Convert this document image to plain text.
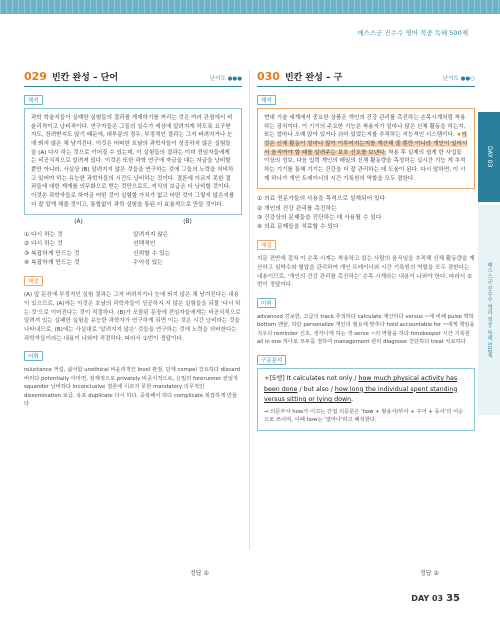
매스스군 진수수 영어 적중 독해 500제
DAY 03
매스스군 진수수 영어 적중 독해 500제
029 빈칸 완성 – 단어	난이도 ●●●
해석
과학 학술지들이 실패한 실험들의 결과를 게재하기를 꺼리는 것은 여러 관점에서 비윤리적이고 낭비적이다. 연구자들은 그들의 실수가 세상에 알려지게 하도록 요구받지도, 장려받지도 않기 때문에, 대부분의 경우, 부정적인 결과는 그저 버려지거나 눈에 띄지 않은 채 남겨진다. 이것은 어떠한 호날의 과학자들이 성공하지 않은 실험들을 (A) 다시 하는 것으로 이어질 수 있는데, 이 실험들의 결과는 이미 전임자들에게는 비공식적으로 알려져 있다. 이것은 또한 과학 연구에 자금을 대는 자금을 낭비할 뿐만 아니라, 사실상 (B) 알려지지 않은 것들을 연구하는 것에 그들의 노력을 허비하고 있어야 하는 유능한 과학자들의 시간도 낭비하는 것이다. 결론에 이르지 못한 결과들에 대한 게재를 의무화으로 받는 것만으로도, 지식의 보급은 더 낭비할 것이다. 이것은 과학자들로 하여금 어떤 것이 실험할 가치가 없고 어떤 것이 그렇지 않은지를 더 잘 알게 해줄 것이고, 통합없이 과학 실험을 통된 더 효율적으로 만들 것이다.
(A)	(B)
① 다시 하는 것	알려지지 않은
② 다시 하는 것	선택적인
③ 복잡하게 만드는 것	신뢰할 수 있는
④ 복잡하게 만드는 것	수익성 있는
해설
(A) 앞 문장에 부정적인 실험 결과는 그저 버려지거나 눈에 띄지 않은 채 남겨진다는 내용이 있으므로, (A)에는 이것은 호날의 과학자들이 성공하지 지 않은 실험들을 되풀 '다시 하는 것'으로 이어진다는 것이 적절하다. (B)가 포함된 문장에 전임자들에게는 비공식적으로 알려져 있는 실패한 실험을 유능한 과학자가 연구하게 되면 이는 것은 시간 낭비라는 것을 나타내므로, (B)에는 사실대로 '알려지지 않은' 것들을 연구하는 것에 노력을 허비한다는 과학자들이라는 내용이 나와야 적절하다. 따라서 ①번이 정답이다.
어휘
reluctance 꺼림, 싫어함 unethical 비윤리적인 level 관점, 단계 compel 강요하다 discard 버리다 potentially 아마면, 잠재적으로 privately 비공식적으로, 은밀히 forerunner 전임자 squander 낭비하다 inconclusive 결론에 이르지 못한 mandatory 의무적인 dissemination 보급, 유포 duplicate 다시 하다, 중복해서 하다 complicate 복잡하게 만들다
정답 ①
030 빈칸 완성 – 구	난이도 ●●○
해석
현대 기술 세계에서 중요한 상품은 개인의 건강 관리를 촉진하는 손목시계처럼 착용하는 장치이다. 이 기기의 주요한 기능은 착용자가 얼마나 많은 신체 활동을 하는지, 또는 얼마나 오래 앉아 있거나 쉬어 있었는지를 추적하는 지능적인 시스템이다. ★이것은 신체 활동이 얼마나 많이 이루어지는지를 계산해 줄 뿐만 아니라 개인이 일어서서 움직여야 할 때를 알려주는 보호 신호를 보낸다. 착용 후 실제의 쉽게 한 사업들 이상의 정보, 다음 입력 개인의 매일의 신체 활동량을 측정하는 실시간 기능 게 추적하는 기기를 통해 기기는 건강을 더 잘 관리하는 데 도움이 된다. 다시 말하면, 이 시계 하나가 개인 트레이너의 시간 기록원의 역할을 모두 겸한다.
① 의료 전문가들의 사용을 목적으로 설계되어 있다
② 개인의 건강 관리를 촉진하는
③ 건강상의 문제들을 진단하는 데 사용될 수 있다
④ 의료 문제들을 치료할 수 있다
해설
지문 전반에 걸쳐 이 손목 시계는 착용하고 있는 사람의 움직임을 추적해 신체 활동량을 계산하고 심박수와 혈압을 관리하여 개인 트레이너와 시간 기록원의 역할을 모두 겸한다는 내용이므로, '개인의 건강 관리를 촉진하는' 손목 시계라는 내용이 나와야 한다. 따라서 ②번이 정답이다.
어휘
advanced 진보한, 고급의 track 추적하다 calculate 계산하다 versus ~에 비해 pulse 맥박 bottom 맨끝, 하단 personalize 개인의 필요에 맞추다 hold accountable for ~에게 책임을 지우다 reminder 신호, 생각나게 하는 것 serve ~의 역할을 하다 timekeeper 시간 기록원 all in one 하나로 모두를 겸하여 management 관리 diagnose 진단하다 treat 치료하다
구문분석
★[5행] It calculates not only / how much physical activity has been done / but also / how long the individual spent standing versus sitting or lying down.
→ 의문부사 how가 이끄는 간접 의문문은 'how + 형용사/부사 + 주어 + 동사'의 어순으로 쓰이며, 이때 how는 '얼마나'라고 해석한다.
정답 ②
DAY 03 35
